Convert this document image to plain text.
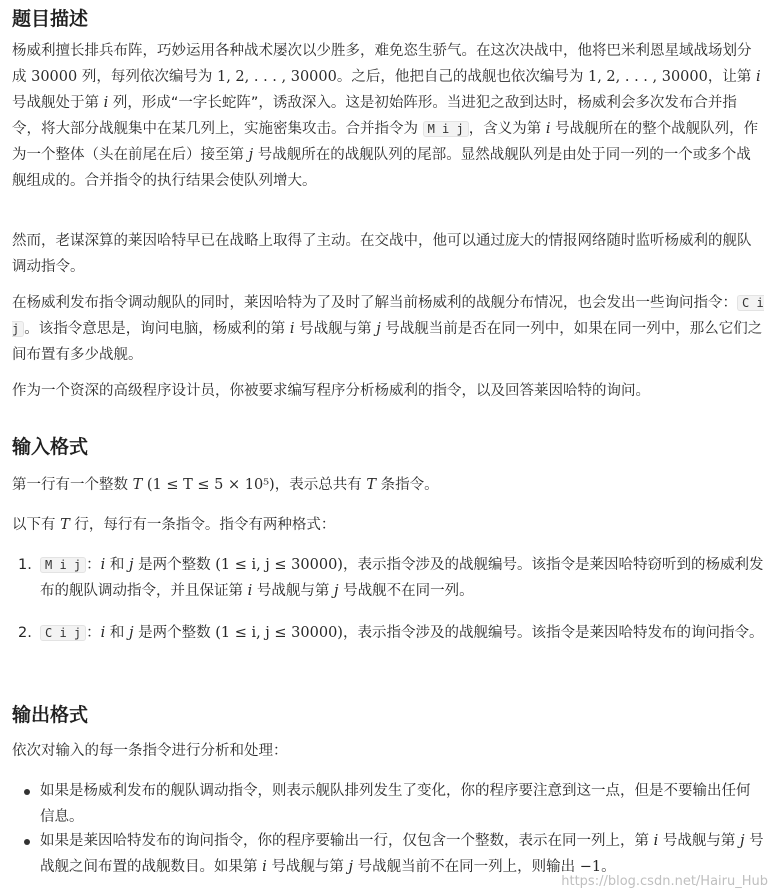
题目描述
杨威利擅长排兵布阵，巧妙运用各种战术屡次以少胜多，难免恣生骄气。在这次决战中，他将巴米利恩星域战场划分成 30000 列，每列依次编号为 1, 2, . . . , 30000。之后，他把自己的战舰也依次编号为 1, 2, . . . , 30000，让第 i 号战舰处于第 i 列，形成“一字长蛇阵”，诱敌深入。这是初始阵形。当进犯之敌到达时，杨威利会多次发布合并指令，将大部分战舰集中在某几列上，实施密集攻击。合并指令为 M i j ，含义为第 i 号战舰所在的整个战舰队列，作为一个整体（头在前尾在后）接至第 j 号战舰所在的战舰队列的尾部。显然战舰队列是由处于同一列的一个或多个战舰组成的。合并指令的执行结果会使队列增大。
然而，老谋深算的莱因哈特早已在战略上取得了主动。在交战中，他可以通过庞大的情报网络随时监听杨威利的舰队调动指令。
在杨威利发布指令调动舰队的同时，莱因哈特为了及时了解当前杨威利的战舰分布情况，也会发出一些询问指令： C i j 。该指令意思是，询问电脑，杨威利的第 i 号战舰与第 j 号战舰当前是否在同一列中，如果在同一列中，那么它们之间布置有多少战舰。
作为一个资深的高级程序设计员，你被要求编写程序分析杨威利的指令，以及回答莱因哈特的询问。
输入格式
第一行有一个整数 T (1 ≤ T ≤ 5 × 10⁵)，表示总共有 T 条指令。
以下有 T 行，每行有一条指令。指令有两种格式：
1.	M i j ：i 和 j 是两个整数 (1 ≤ i, j ≤ 30000)，表示指令涉及的战舰编号。该指令是莱因哈特窃听到的杨威利发布的舰队调动指令，并且保证第 i 号战舰与第 j 号战舰不在同一列。
2.	C i j ：i 和 j 是两个整数 (1 ≤ i, j ≤ 30000)，表示指令涉及的战舰编号。该指令是莱因哈特发布的询问指令。
输出格式
依次对输入的每一条指令进行分析和处理：
如果是杨威利发布的舰队调动指令，则表示舰队排列发生了变化，你的程序要注意到这一点，但是不要输出任何信息。
如果是莱因哈特发布的询问指令，你的程序要输出一行，仅包含一个整数，表示在同一列上，第 i 号战舰与第 j 号战舰之间布置的战舰数目。如果第 i 号战舰与第 j 号战舰当前不在同一列上，则输出 −1。
https://blog.csdn.net/Hairu_Hub
